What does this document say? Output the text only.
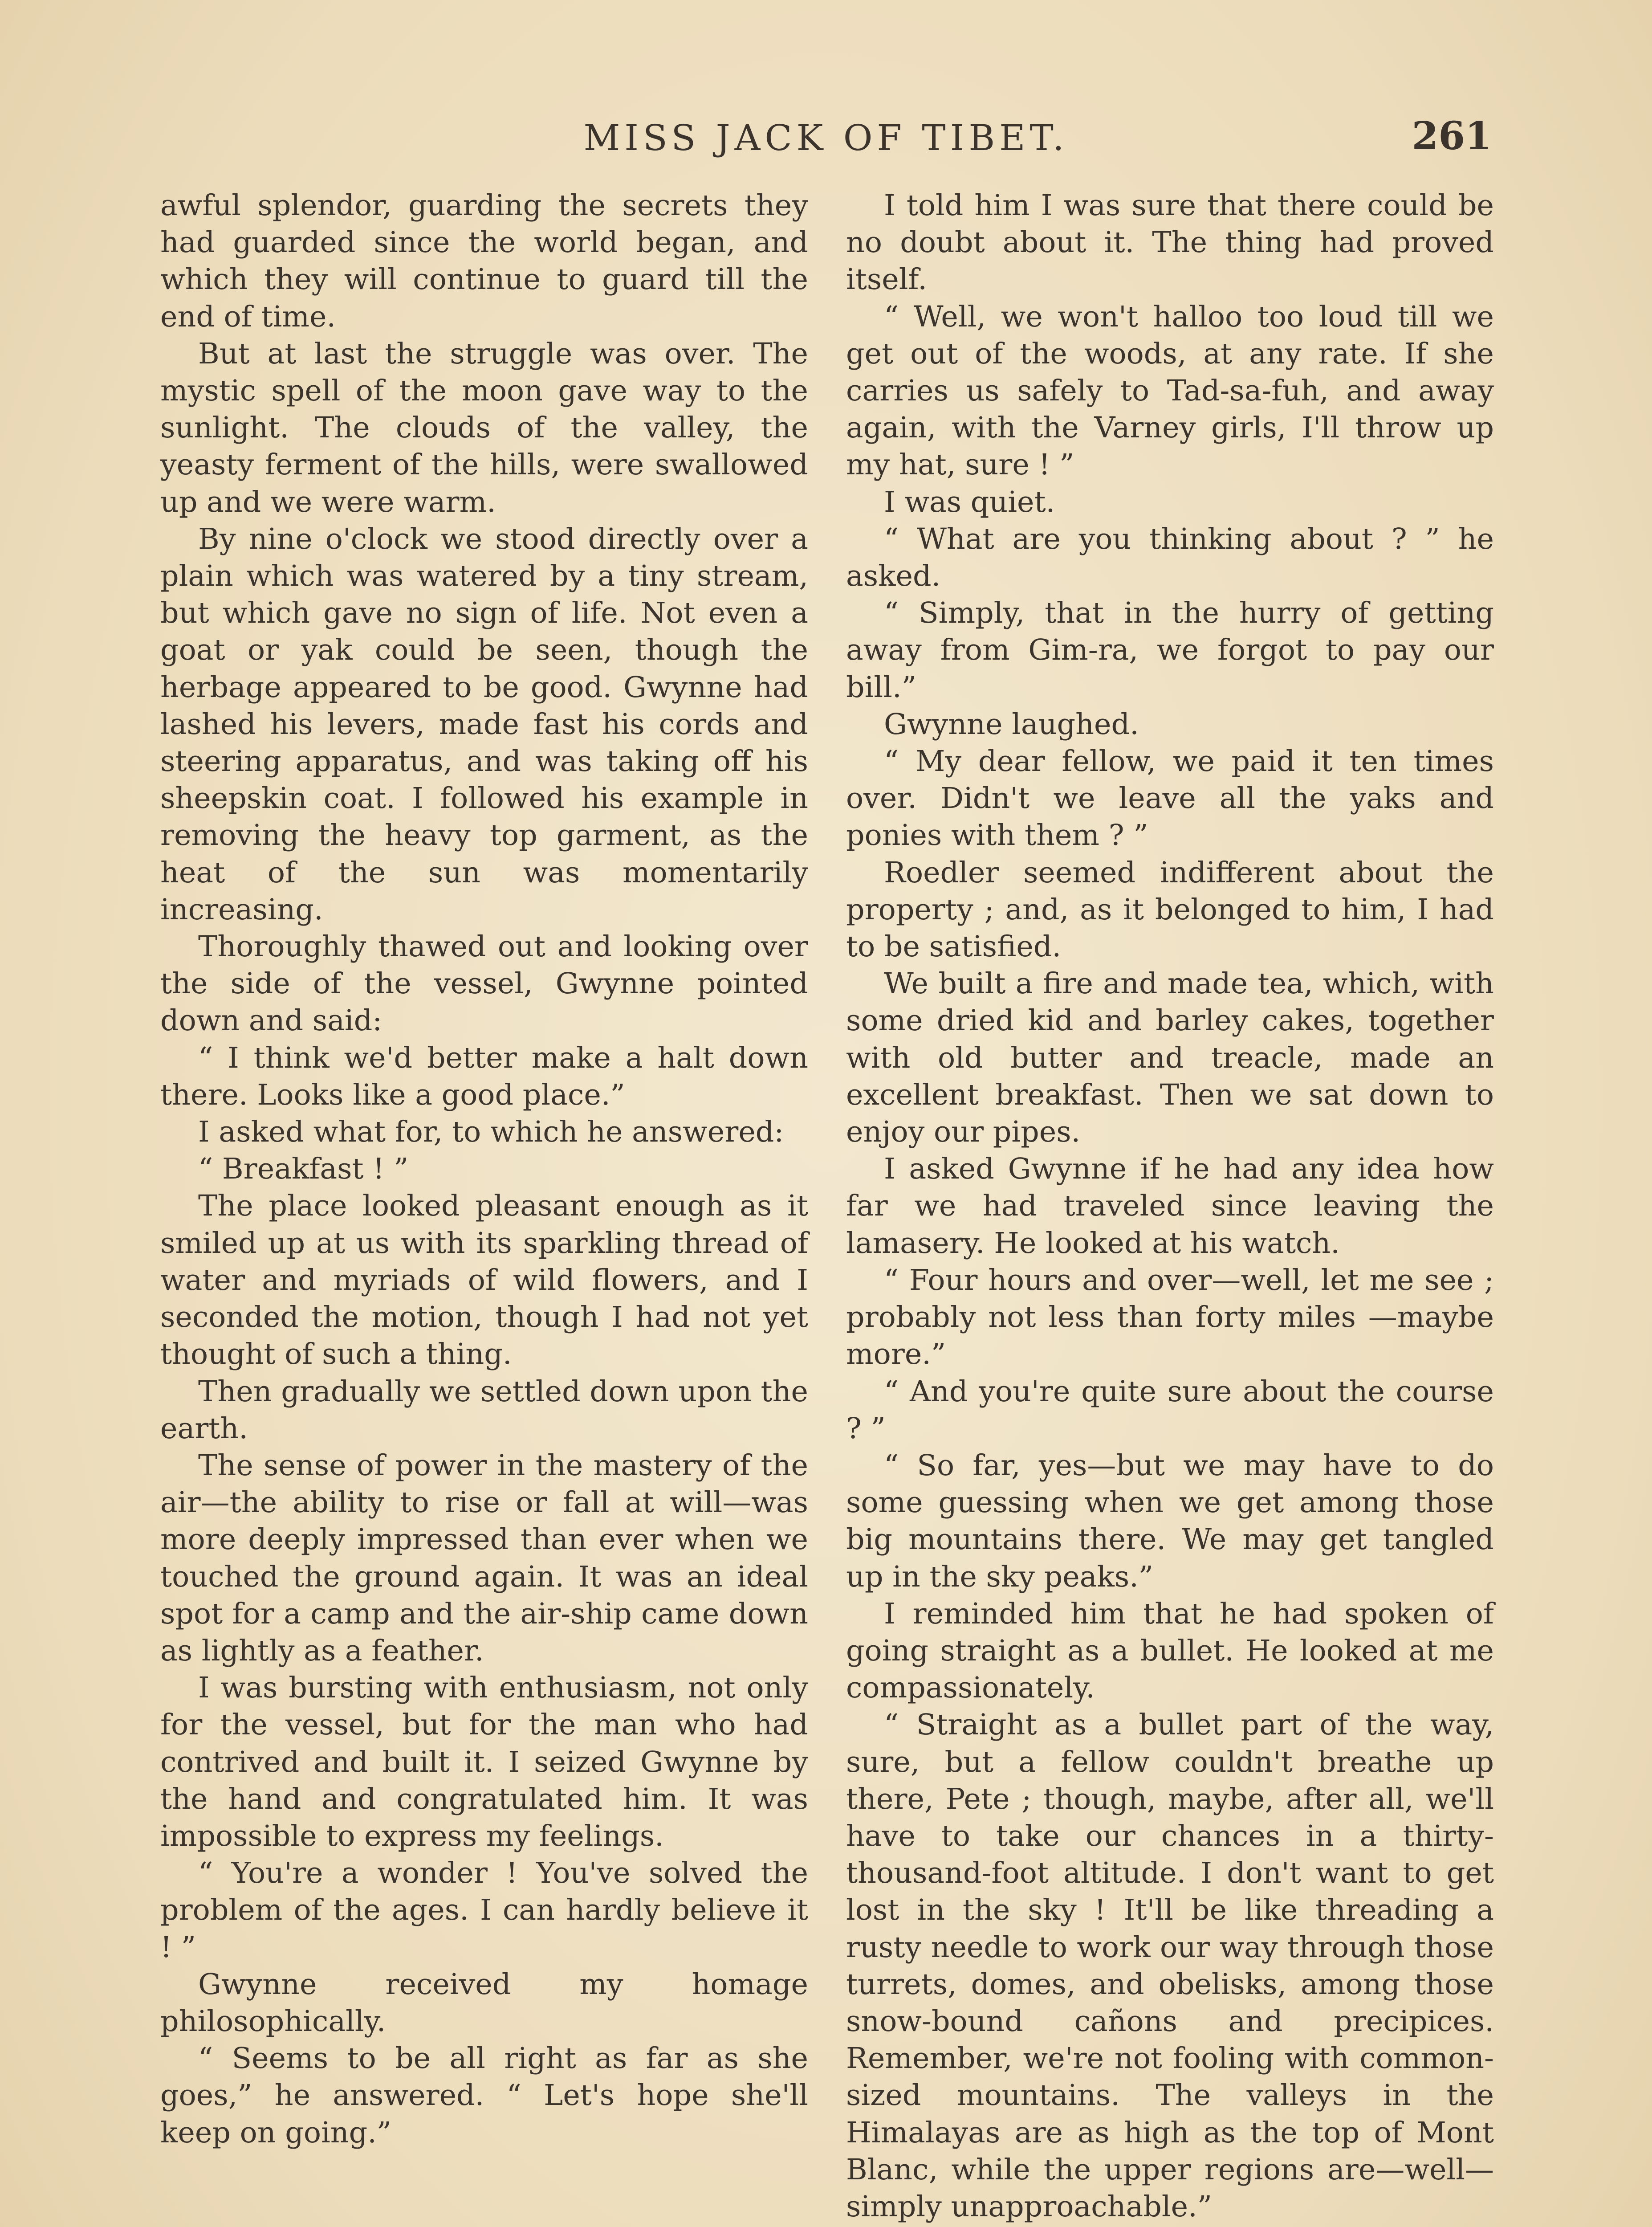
MISS JACK OF TIBET.	261

awful splendor, guarding the secrets they had guarded since the world began, and which they will continue to guard till the end of time.

But at last the struggle was over. The mystic spell of the moon gave way to the sunlight. The clouds of the valley, the yeasty ferment of the hills, were swallowed up and we were warm.

By nine o'clock we stood directly over a plain which was watered by a tiny stream, but which gave no sign of life. Not even a goat or yak could be seen, though the herbage appeared to be good. Gwynne had lashed his levers, made fast his cords and steering apparatus, and was taking off his sheepskin coat. I followed his example in removing the heavy top garment, as the heat of the sun was momentarily increasing.

Thoroughly thawed out and looking over the side of the vessel, Gwynne pointed down and said:

“ I think we'd better make a halt down there. Looks like a good place.”

I asked what for, to which he answered:

“ Breakfast ! ”

The place looked pleasant enough as it smiled up at us with its sparkling thread of water and myriads of wild flowers, and I seconded the motion, though I had not yet thought of such a thing.

Then gradually we settled down upon the earth.

The sense of power in the mastery of the air—the ability to rise or fall at will—was more deeply impressed than ever when we touched the ground again. It was an ideal spot for a camp and the air-ship came down as lightly as a feather.

I was bursting with enthusiasm, not only for the vessel, but for the man who had contrived and built it. I seized Gwynne by the hand and congratulated him. It was impossible to express my feelings.

“ You're a wonder ! You've solved the problem of the ages. I can hardly believe it ! ”

Gwynne received my homage philosophically.

“ Seems to be all right as far as she goes,” he answered. “ Let's hope she'll keep on going.”

I told him I was sure that there could be no doubt about it. The thing had proved itself.

“ Well, we won't halloo too loud till we get out of the woods, at any rate. If she carries us safely to Tad-sa-fuh, and away again, with the Varney girls, I'll throw up my hat, sure ! ”

I was quiet.

“ What are you thinking about ? ” he asked.

“ Simply, that in the hurry of getting away from Gim-ra, we forgot to pay our bill.”

Gwynne laughed.

“ My dear fellow, we paid it ten times over. Didn't we leave all the yaks and ponies with them ? ”

Roedler seemed indifferent about the property ; and, as it belonged to him, I had to be satisfied.

We built a fire and made tea, which, with some dried kid and barley cakes, together with old butter and treacle, made an excellent breakfast. Then we sat down to enjoy our pipes.

I asked Gwynne if he had any idea how far we had traveled since leaving the lamasery. He looked at his watch.

“ Four hours and over—well, let me see ; probably not less than forty miles —maybe more.”

“ And you're quite sure about the course ? ”

“ So far, yes—but we may have to do some guessing when we get among those big mountains there. We may get tangled up in the sky peaks.”

I reminded him that he had spoken of going straight as a bullet. He looked at me compassionately.

“ Straight as a bullet part of the way, sure, but a fellow couldn't breathe up there, Pete ; though, maybe, after all, we'll have to take our chances in a thirty-thousand-foot altitude. I don't want to get lost in the sky ! It'll be like threading a rusty needle to work our way through those turrets, domes, and obelisks, among those snow-bound cañons and precipices. Remember, we're not fooling with common-sized mountains. The valleys in the Himalayas are as high as the top of Mont Blanc, while the upper regions are—well—simply unapproachable.”
